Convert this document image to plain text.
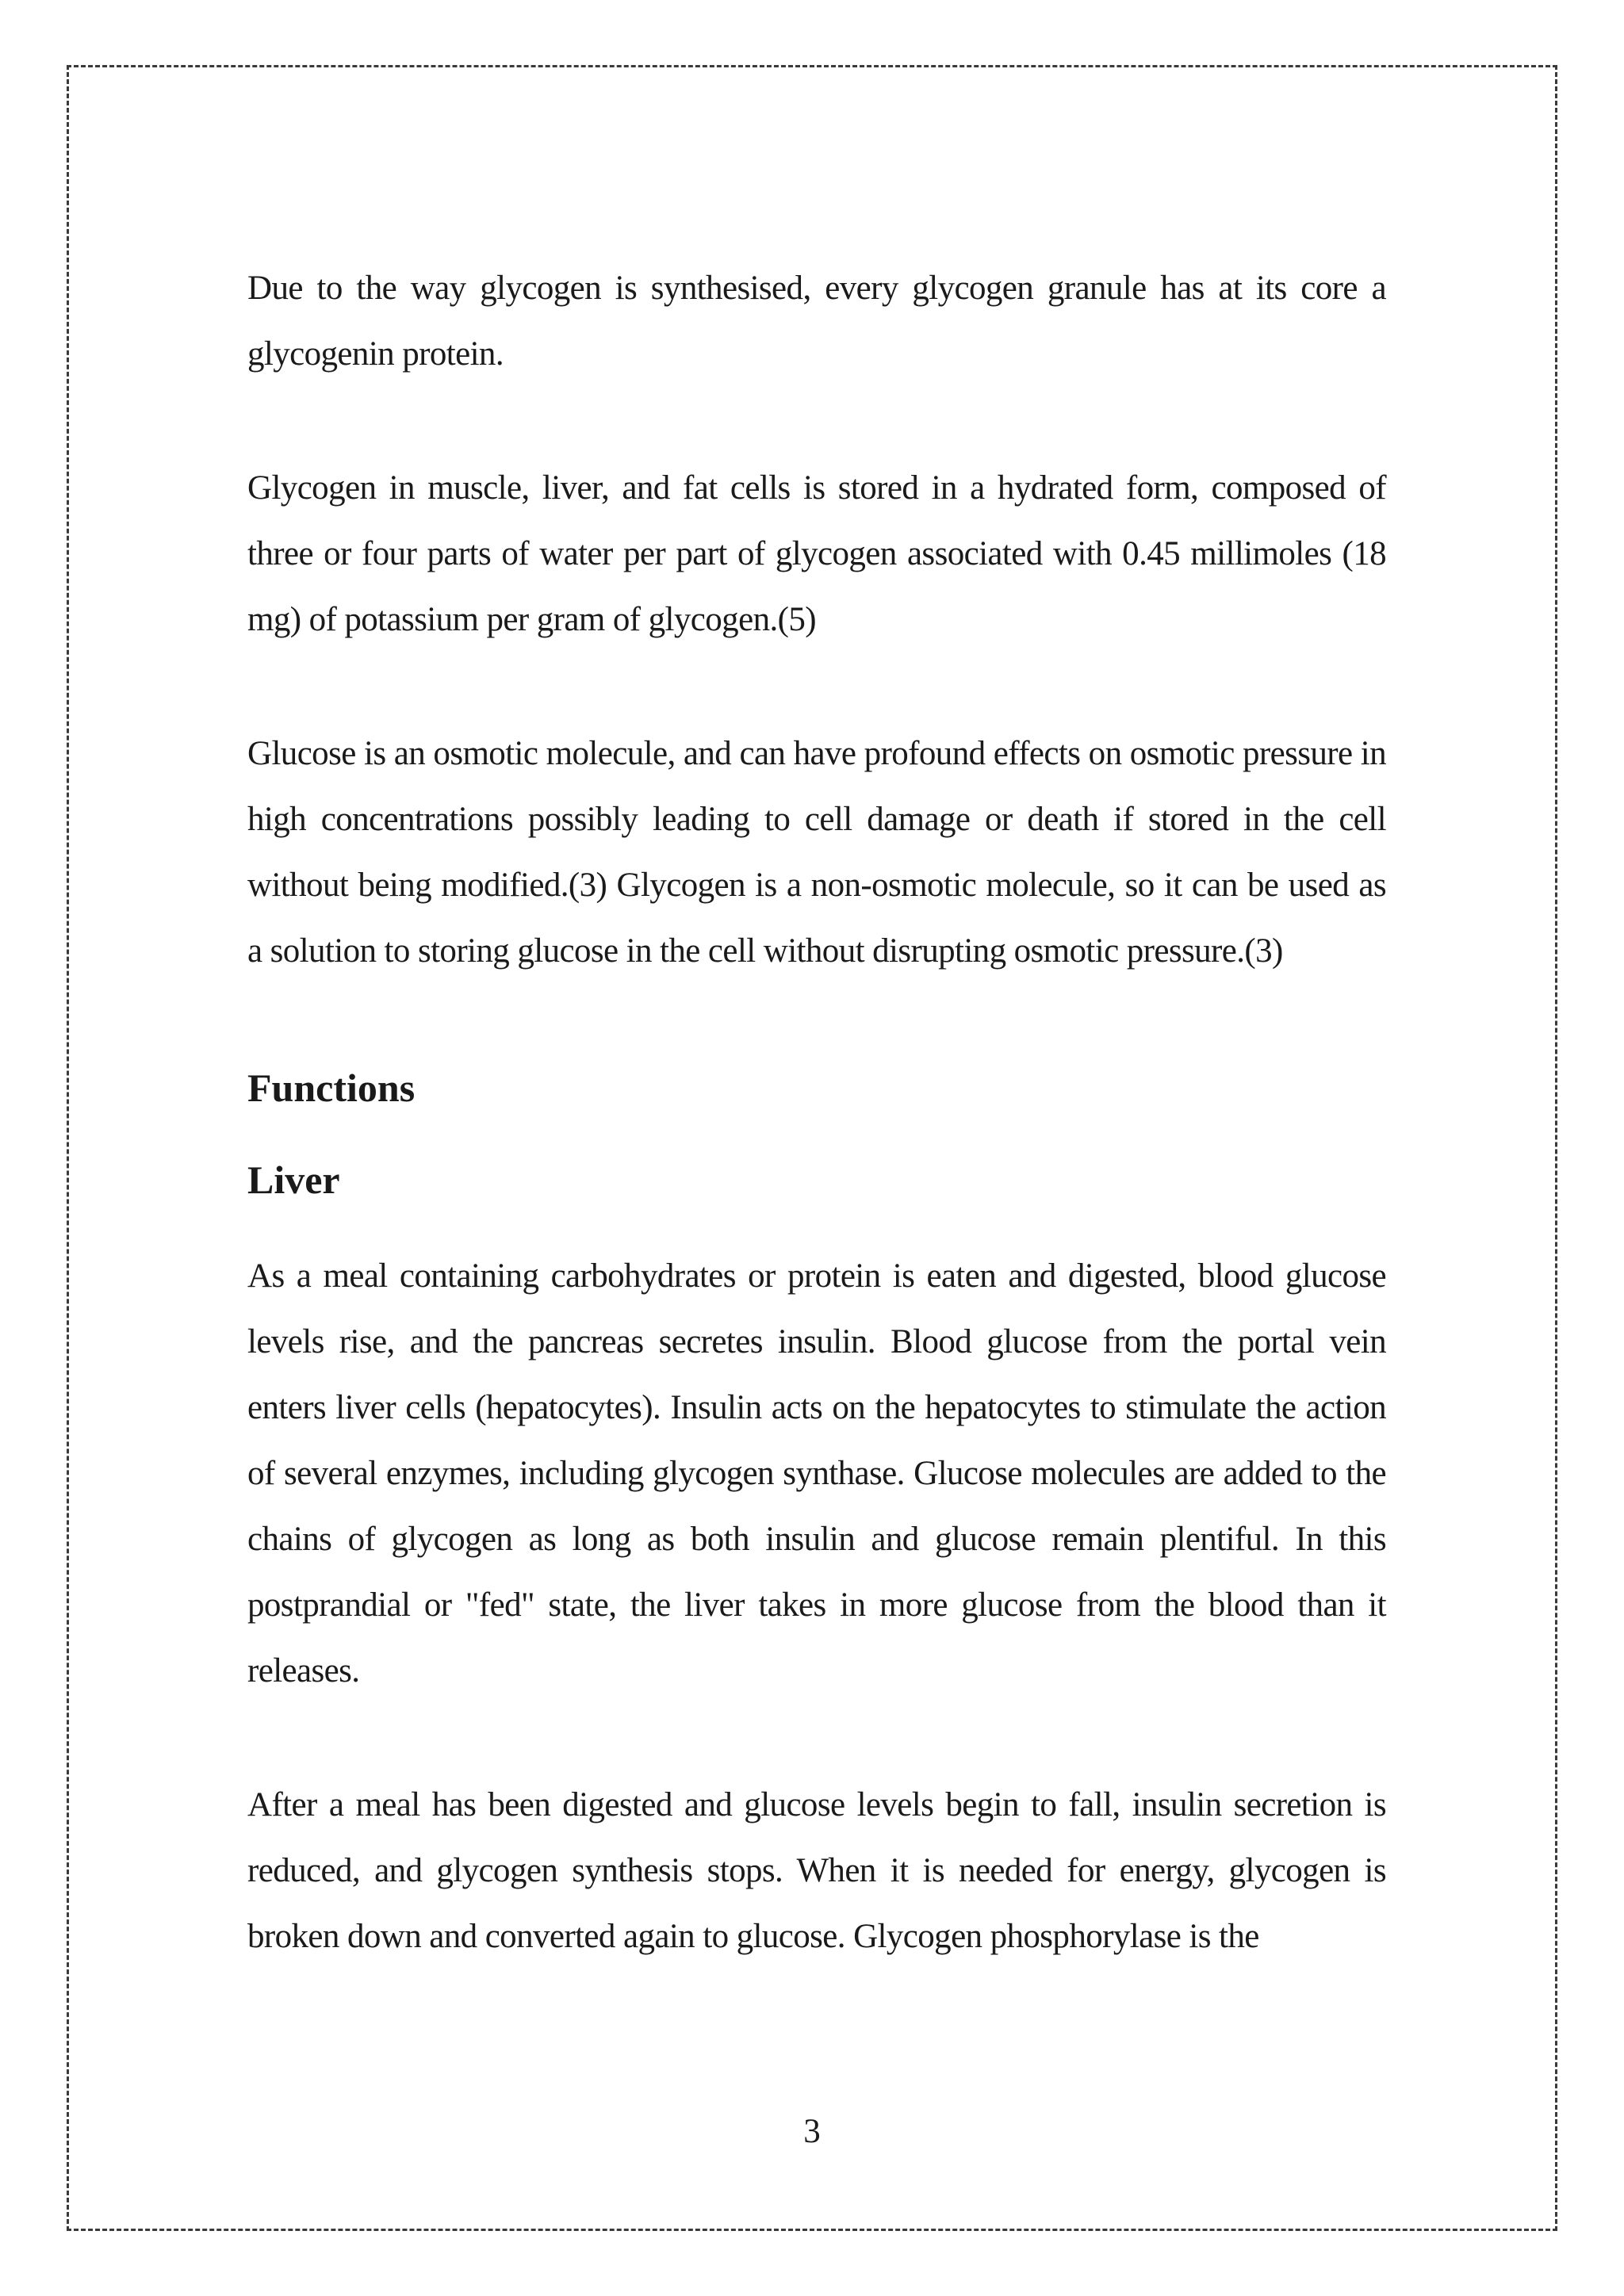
Due to the way glycogen is synthesised, every glycogen granule has at its core a glycogenin protein.

Glycogen in muscle, liver, and fat cells is stored in a hydrated form, composed of three or four parts of water per part of glycogen associated with 0.45 millimoles (18 mg) of potassium per gram of glycogen.(5)

Glucose is an osmotic molecule, and can have profound effects on osmotic pressure in high concentrations possibly leading to cell damage or death if stored in the cell without being modified.(3) Glycogen is a non-osmotic molecule, so it can be used as a solution to storing glucose in the cell without disrupting osmotic pressure.(3)

Functions
Liver

As a meal containing carbohydrates or protein is eaten and digested, blood glucose levels rise, and the pancreas secretes insulin. Blood glucose from the portal vein enters liver cells (hepatocytes). Insulin acts on the hepatocytes to stimulate the action of several enzymes, including glycogen synthase. Glucose molecules are added to the chains of glycogen as long as both insulin and glucose remain plentiful. In this postprandial or "fed" state, the liver takes in more glucose from the blood than it releases.

After a meal has been digested and glucose levels begin to fall, insulin secretion is reduced, and glycogen synthesis stops. When it is needed for energy, glycogen is broken down and converted again to glucose. Glycogen phosphorylase is the

3
